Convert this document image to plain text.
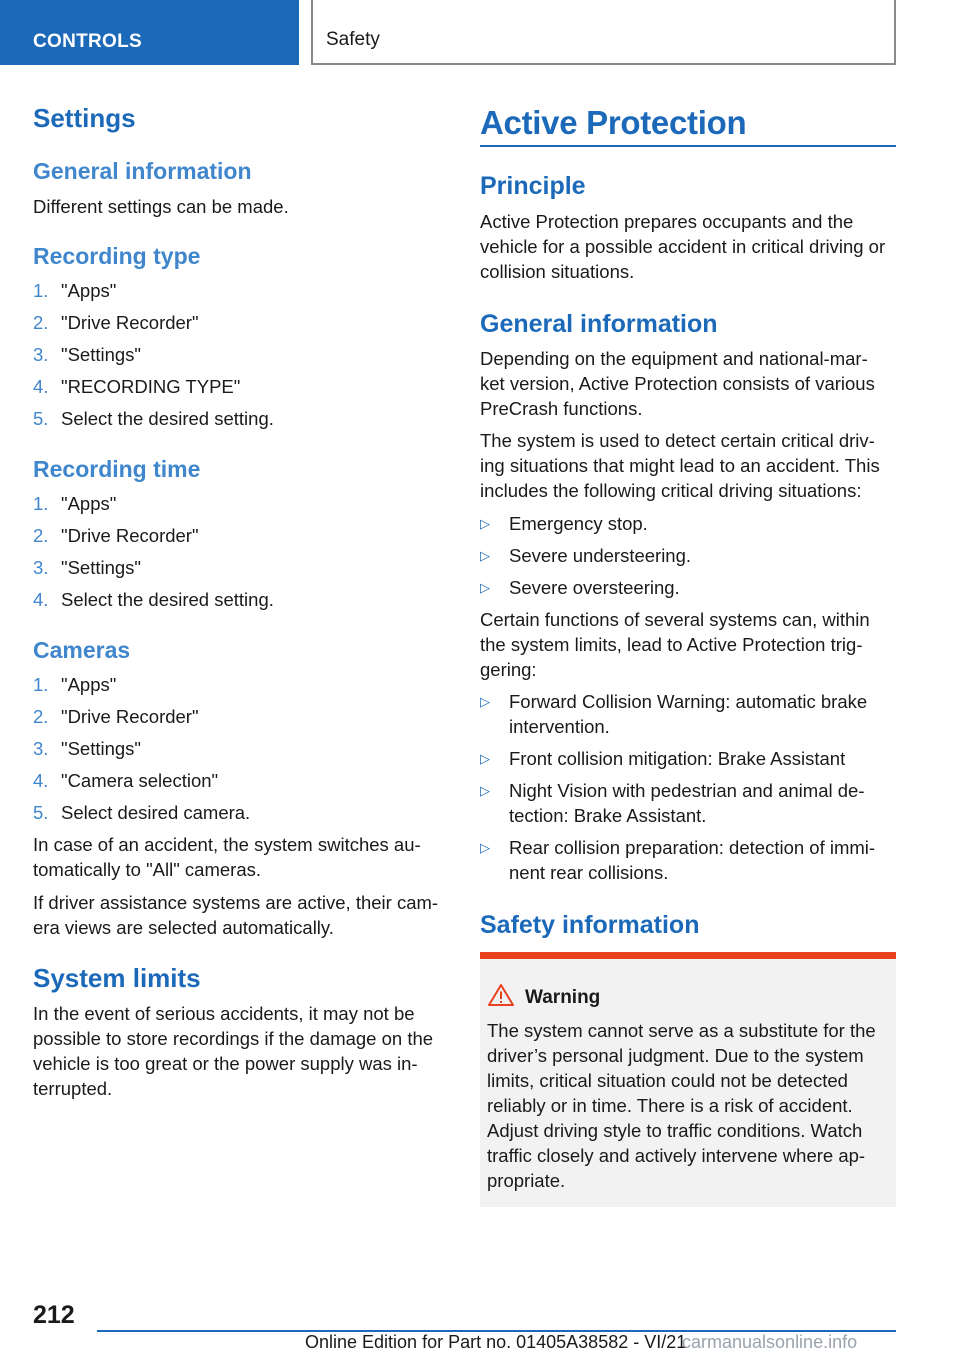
CONTROLS	Safety
Settings
General information
Different settings can be made.
Recording type
1. "Apps"
2. "Drive Recorder"
3. "Settings"
4. "RECORDING TYPE"
5. Select the desired setting.
Recording time
1. "Apps"
2. "Drive Recorder"
3. "Settings"
4. Select the desired setting.
Cameras
1. "Apps"
2. "Drive Recorder"
3. "Settings"
4. "Camera selection"
5. Select desired camera.
In case of an accident, the system switches au-
tomatically to "All" cameras.
If driver assistance systems are active, their cam-
era views are selected automatically.
System limits
In the event of serious accidents, it may not be
possible to store recordings if the damage on the
vehicle is too great or the power supply was in-
terrupted.
Active Protection
Principle
Active Protection prepares occupants and the
vehicle for a possible accident in critical driving or
collision situations.
General information
Depending on the equipment and national-mar-
ket version, Active Protection consists of various
PreCrash functions.
The system is used to detect certain critical driv-
ing situations that might lead to an accident. This
includes the following critical driving situations:
▷ Emergency stop.
▷ Severe understeering.
▷ Severe oversteering.
Certain functions of several systems can, within
the system limits, lead to Active Protection trig-
gering:
▷ Forward Collision Warning: automatic brake
intervention.
▷ Front collision mitigation: Brake Assistant
▷ Night Vision with pedestrian and animal de-
tection: Brake Assistant.
▷ Rear collision preparation: detection of immi-
nent rear collisions.
Safety information
Warning
The system cannot serve as a substitute for the
driver’s personal judgment. Due to the system
limits, critical situation could not be detected
reliably or in time. There is a risk of accident.
Adjust driving style to traffic conditions. Watch
traffic closely and actively intervene where ap-
propriate.
212
Online Edition for Part no. 01405A38582 - VI/21
carmanualsonline.info
